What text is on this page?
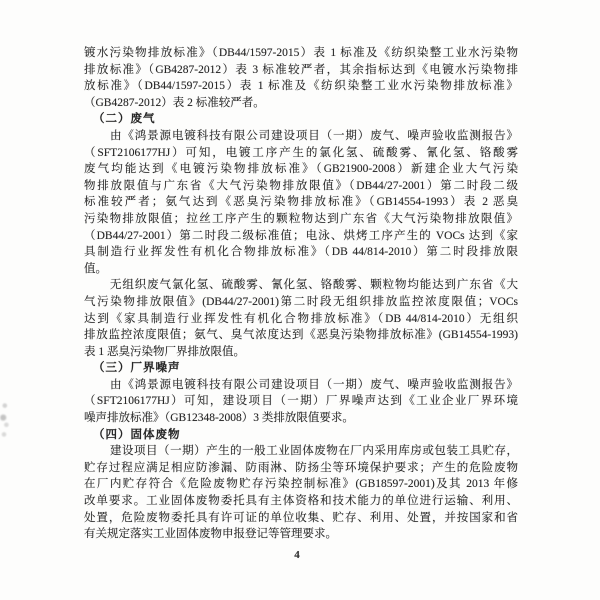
镀水污染物排放标准》（DB44/1597-2015）表 1 标准及《纺织染整工业水污染物
排放标准》（GB4287-2012）表 3 标准较严者，其余指标达到《电镀水污染物排
放标准》（DB44/1597-2015）表 1 标准及《纺织染整工业水污染物排放标准》
（GB4287-2012）表 2 标准较严者。
（二）废气
由《鸿景源电镀科技有限公司建设项目（一期）废气、噪声验收监测报告》
（SFT2106177HJ）可知，电镀工序产生的氯化氢、硫酸雾、氰化氢、铬酸雾
废气均能达到《电镀污染物排放标准》（GB21900-2008）新建企业大气污染
物排放限值与广东省《大气污染物排放限值》（DB44/27-2001）第二时段二级
标准较严者；氨气达到《恶臭污染物排放标准》（GB14554-1993）表 2 恶臭
污染物排放限值；拉丝工序产生的颗粒物达到广东省《大气污染物排放限值》
（DB44/27-2001）第二时段二级标准值；电泳、烘烤工序产生的 VOCs 达到《家
具制造行业挥发性有机化合物排放标准》（DB 44/814-2010）第二时段排放限
值。
无组织废气氯化氢、硫酸雾、氰化氢、铬酸雾、颗粒物均能达到广东省《大
气污染物排放限值》(DB44/27-2001)第二时段无组织排放监控浓度限值；VOCs
达到《家具制造行业挥发性有机化合物排放标准》（DB 44/814-2010）无组织
排放监控浓度限值；氨气、臭气浓度达到《恶臭污染物排放标准》(GB14554-1993)
表 1 恶臭污染物厂界排放限值。
（三）厂界噪声
由《鸿景源电镀科技有限公司建设项目（一期）废气、噪声验收监测报告》
（SFT2106177HJ）可知，建设项目（一期）厂界噪声达到《工业企业厂界环境
噪声排放标准》（GB12348-2008）3 类排放限值要求。
（四）固体废物
建设项目（一期）产生的一般工业固体废物在厂内采用库房或包装工具贮存，
贮存过程应满足相应防渗漏、防雨淋、防扬尘等环境保护要求；产生的危险废物
在厂内贮存符合《危险废物贮存污染控制标准》(GB18597-2001)及其 2013 年修
改单要求。工业固体废物委托具有主体资格和技术能力的单位进行运输、利用、
处置，危险废物委托具有许可证的单位收集、贮存、利用、处置，并按国家和省
有关规定落实工业固体废物申报登记等管理要求。
4
